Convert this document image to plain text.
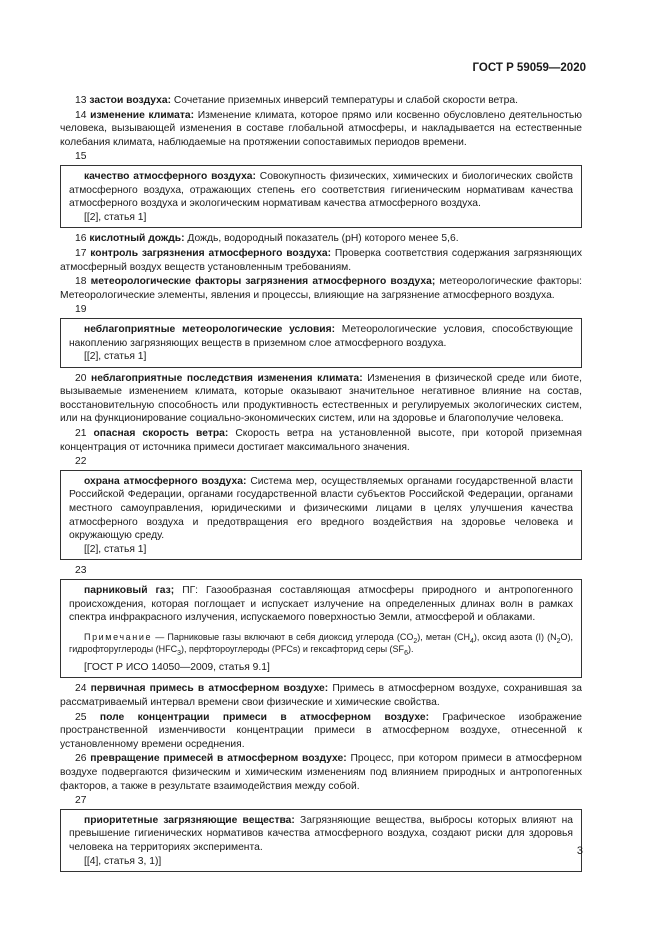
ГОСТ Р 59059—2020

13 застои воздуха: Сочетание приземных инверсий температуры и слабой скорости ветра.

14 изменение климата: Изменение климата, которое прямо или косвенно обусловлено деятельностью человека, вызывающей изменения в составе глобальной атмосферы, и накладывается на естественные колебания климата, наблюдаемые на протяжении сопоставимых периодов времени.

15

качество атмосферного воздуха: Совокупность физических, химических и биологических свойств атмосферного воздуха, отражающих степень его соответствия гигиеническим нормативам качества атмосферного воздуха и экологическим нормативам качества атмосферного воздуха.

[[2], статья 1]

16 кислотный дождь: Дождь, водородный показатель (рН) которого менее 5,6.

17 контроль загрязнения атмосферного воздуха: Проверка соответствия содержания загрязняющих атмосферный воздух веществ установленным требованиям.

18 метеорологические факторы загрязнения атмосферного воздуха; метеорологические факторы: Метеорологические элементы, явления и процессы, влияющие на загрязнение атмосферного воздуха.

19

неблагоприятные метеорологические условия: Метеорологические условия, способствующие накоплению загрязняющих веществ в приземном слое атмосферного воздуха.

[[2], статья 1]

20 неблагоприятные последствия изменения климата: Изменения в физической среде или биоте, вызываемые изменением климата, которые оказывают значительное негативное влияние на состав, восстановительную способность или продуктивность естественных и регулируемых экологических систем, или на функционирование социально-экономических систем, или на здоровье и благополучие человека.

21 опасная скорость ветра: Скорость ветра на установленной высоте, при которой приземная концентрация от источника примеси достигает максимального значения.

22

охрана атмосферного воздуха: Система мер, осуществляемых органами государственной власти Российской Федерации, органами государственной власти субъектов Российской Федерации, органами местного самоуправления, юридическими и физическими лицами в целях улучшения качества атмосферного воздуха и предотвращения его вредного воздействия на здоровье человека и окружающую среду.

[[2], статья 1]
23

парниковый газ; ПГ: Газообразная составляющая атмосферы природного и антропогенного происхождения, которая поглощает и испускает излучение на определенных длинах волн в рамках спектра инфракрасного излучения, испускаемого поверхностью Земли, атмосферой и облаками.

Примечание — Парниковые газы включают в себя диоксид углерода $(CO_2)$, метан $(CH_4)$, оксид азота (I) $(N_2O)$, гидрофторуглероды $(HFC_3)$, перфтороуглероды (PFCs) и гексафторид серы $(SF_6)$.

[ГОСТ Р ИСО 14050—2009, статья 9.1]

24 первичная примесь в атмосферном воздухе: Примесь в атмосферном воздухе, сохранившая за рассматриваемый интервал времени свои физические и химические свойства.

25 поле концентрации примеси в атмосферном воздухе: Графическое изображение пространственной изменчивости концентрации примеси в атмосферном воздухе, отнесенной к установленному времени осреднения.

26 превращение примесей в атмосферном воздухе: Процесс, при котором примеси в атмосферном воздухе подвергаются физическим и химическим изменениям под влиянием природных и антропогенных факторов, а также в результате взаимодействия между собой.

27

приоритетные загрязняющие вещества: Загрязняющие вещества, выбросы которых влияют на превышение гигиенических нормативов качества атмосферного воздуха, создают риски для здоровья человека на территориях эксперимента.

[[4], статья 3, 1)]
3
